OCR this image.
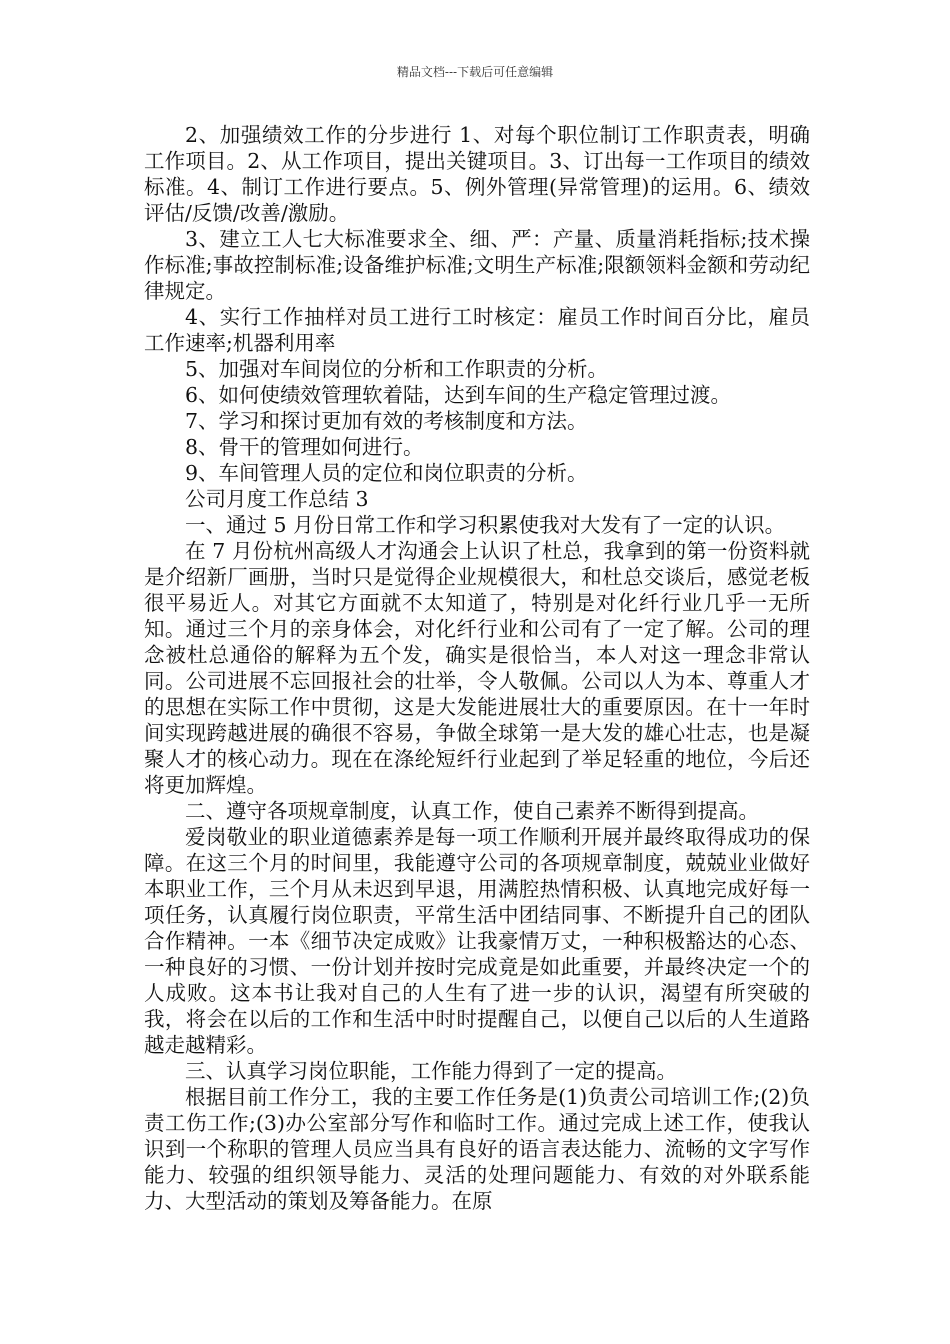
精品文档---下载后可任意编辑

2、加强绩效工作的分步进行 1、对每个职位制订工作职责表，明确工作项目。2、从工作项目，提出关键项目。3、订出每一工作项目的绩效标准。4、制订工作进行要点。5、例外管理(异常管理)的运用。6、绩效评估/反馈/改善/激励。

3、建立工人七大标准要求全、细、严：产量、质量消耗指标;技术操作标准;事故控制标准;设备维护标准;文明生产标准;限额领料金额和劳动纪律规定。

4、实行工作抽样对员工进行工时核定：雇员工作时间百分比，雇员工作速率;机器利用率

5、加强对车间岗位的分析和工作职责的分析。

6、如何使绩效管理软着陆，达到车间的生产稳定管理过渡。

7、学习和探讨更加有效的考核制度和方法。

8、骨干的管理如何进行。

9、车间管理人员的定位和岗位职责的分析。

公司月度工作总结 3

一、通过 5 月份日常工作和学习积累使我对大发有了一定的认识。

在 7 月份杭州高级人才沟通会上认识了杜总，我拿到的第一份资料就是介绍新厂画册，当时只是觉得企业规模很大，和杜总交谈后，感觉老板很平易近人。对其它方面就不太知道了，特别是对化纤行业几乎一无所知。通过三个月的亲身体会，对化纤行业和公司有了一定了解。公司的理念被杜总通俗的解释为五个发，确实是很恰当，本人对这一理念非常认同。公司进展不忘回报社会的壮举，令人敬佩。公司以人为本、尊重人才的思想在实际工作中贯彻，这是大发能进展壮大的重要原因。在十一年时间实现跨越进展的确很不容易，争做全球第一是大发的雄心壮志，也是凝聚人才的核心动力。现在在涤纶短纤行业起到了举足轻重的地位，今后还将更加辉煌。

二、遵守各项规章制度，认真工作，使自己素养不断得到提高。

爱岗敬业的职业道德素养是每一项工作顺利开展并最终取得成功的保障。在这三个月的时间里，我能遵守公司的各项规章制度，兢兢业业做好本职业工作，三个月从未迟到早退，用满腔热情积极、认真地完成好每一项任务，认真履行岗位职责，平常生活中团结同事、不断提升自己的团队合作精神。一本《细节决定成败》让我豪情万丈，一种积极豁达的心态、一种良好的习惯、一份计划并按时完成竟是如此重要，并最终决定一个的人成败。这本书让我对自己的人生有了进一步的认识，渴望有所突破的我，将会在以后的工作和生活中时时提醒自己，以便自己以后的人生道路越走越精彩。

三、认真学习岗位职能，工作能力得到了一定的提高。

根据目前工作分工，我的主要工作任务是(1)负责公司培训工作;(2)负责工伤工作;(3)办公室部分写作和临时工作。通过完成上述工作，使我认识到一个称职的管理人员应当具有良好的语言表达能力、流畅的文字写作能力、较强的组织领导能力、灵活的处理问题能力、有效的对外联系能力、大型活动的策划及筹备能力。在原
